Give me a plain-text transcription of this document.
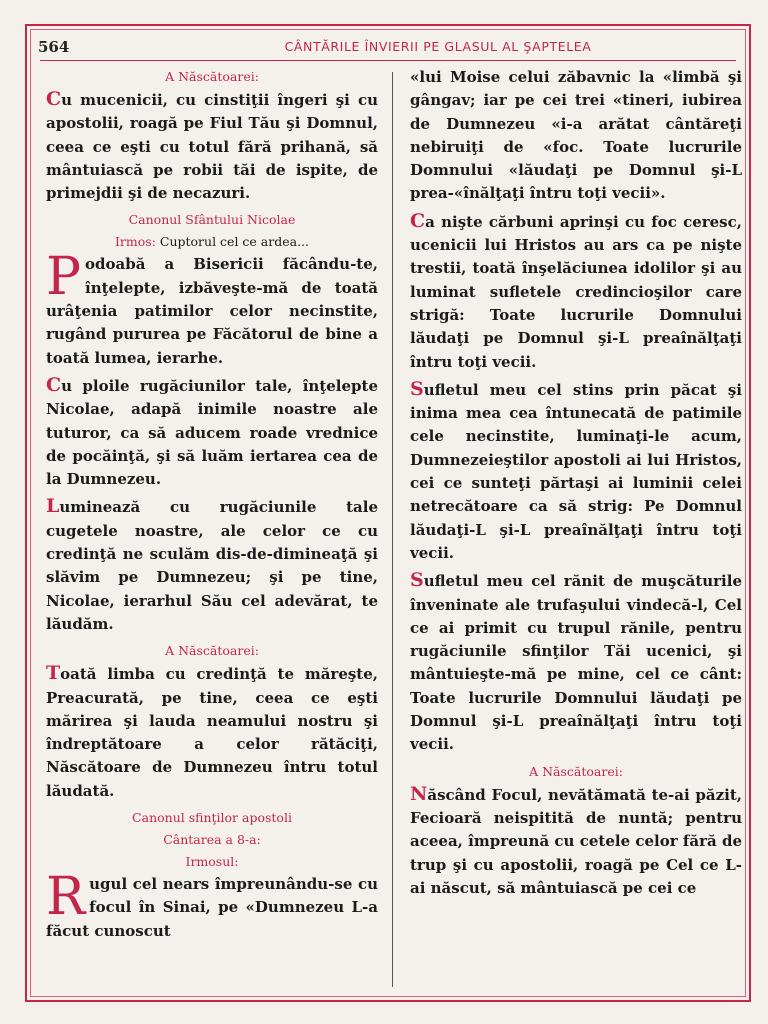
564	CÂNTĂRILE ÎNVIERII PE GLASUL AL ŞAPTELEA
A Născătoarei:
Cu mucenicii, cu cinstiţii îngeri şi cu apostolii, roagă pe Fiul Tău şi Domnul, ceea ce eşti cu totul fără prihană, să mântuiască pe robii tăi de ispite, de primejdii şi de necazuri.
Canonul Sfântului Nicolae
Irmos: Cuptorul cel ce ardea...
Podoabă a Bisericii făcându-te, înţelepte, izbăveşte-mă de toată urâţenia patimilor celor necinstite, rugând pururea pe Făcătorul de bine a toată lumea, ierarhe.
Cu ploile rugăciunilor tale, înţelepte Nicolae, adapă inimile noastre ale tuturor, ca să aducem roade vrednice de pocăinţă, şi să luăm iertarea cea de la Dumnezeu.
Luminează cu rugăciunile tale cugetele noastre, ale celor ce cu credinţă ne sculăm dis-de-dimineaţă şi slăvim pe Dumnezeu; şi pe tine, Nicolae, ierarhul Său cel adevărat, te lăudăm.
A Născătoarei:
Toată limba cu credinţă te măreşte, Preacurată, pe tine, ceea ce eşti mărirea şi lauda neamului nostru şi îndreptătoare a celor rătăciţi, Născătoare de Dumnezeu întru totul lăudată.
Canonul sfinţilor apostoli
Cântarea a 8-a:
Irmosul:
Rugul cel nears împreunându-se cu focul în Sinai, pe «Dumnezeu L-a făcut cunoscut
«lui Moise celui zăbavnic la «limbă şi gângav; iar pe cei trei «tineri, iubirea de Dumnezeu «i-a arătat cântăreţi nebiruiţi de «foc. Toate lucrurile Domnului «lăudaţi pe Domnul şi-L prea-«înălţaţi întru toţi vecii».
Ca nişte cărbuni aprinşi cu foc ceresc, ucenicii lui Hristos au ars ca pe nişte trestii, toată înşelăciunea idolilor şi au luminat sufletele credincioşilor care strigă: Toate lucrurile Domnului lăudaţi pe Domnul şi-L preaînălţaţi întru toţi vecii.
Sufletul meu cel stins prin păcat şi inima mea cea întunecată de patimile cele necinstite, luminaţi-le acum, Dumnezeieştilor apostoli ai lui Hristos, cei ce sunteţi părtaşi ai luminii celei netrecătoare ca să strig: Pe Domnul lăudaţi-L şi-L preaînălţaţi întru toţi vecii.
Sufletul meu cel rănit de muşcăturile înveninate ale trufaşului vindecă-l, Cel ce ai primit cu trupul rănile, pentru rugăciunile sfinţilor Tăi ucenici, şi mântuieşte-mă pe mine, cel ce cânt: Toate lucrurile Domnului lăudaţi pe Domnul şi-L preaînălţaţi întru toţi vecii.
A Născătoarei:
Născând Focul, nevătămată te-ai păzit, Fecioară neispitită de nuntă; pentru aceea, împreună cu cetele celor fără de trup şi cu apostolii, roagă pe Cel ce L-ai născut, să mântuiască pe cei ce
